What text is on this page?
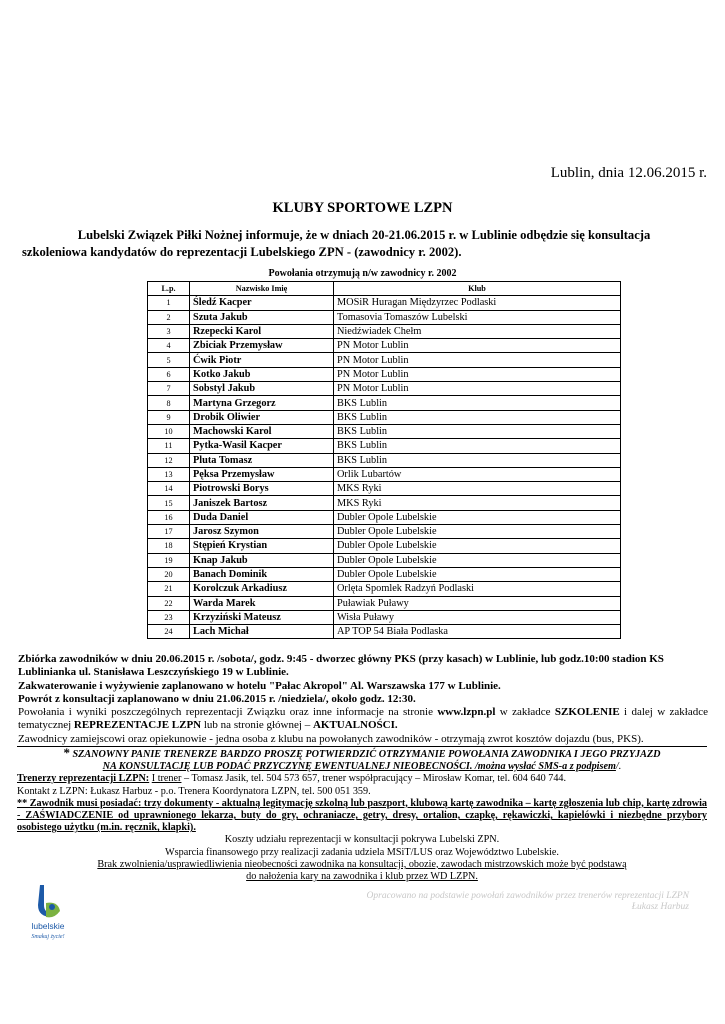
Lublin, dnia 12.06.2015 r.
KLUBY SPORTOWE LZPN
Lubelski Związek Piłki Nożnej informuje, że w dniach 20-21.06.2015 r. w Lublinie odbędzie się konsultacja
szkoleniowa kandydatów do reprezentacji Lubelskiego ZPN - (zawodnicy r. 2002).
Powołania otrzymują n/w zawodnicy r. 2002
L.p.	Nazwisko Imię	Klub
1	Śledź Kacper	MOSiR Huragan Międzyrzec Podlaski
2	Szuta Jakub	Tomasovia Tomaszów Lubelski
3	Rzepecki Karol	Niedźwiadek Chełm
4	Zbiciak Przemysław	PN Motor Lublin
5	Ćwik Piotr	PN Motor Lublin
6	Kotko Jakub	PN Motor Lublin
7	Sobstyl Jakub	PN Motor Lublin
8	Martyna Grzegorz	BKS Lublin
9	Drobik Oliwier	BKS Lublin
10	Machowski Karol	BKS Lublin
11	Pytka-Wasil Kacper	BKS Lublin
12	Pluta Tomasz	BKS Lublin
13	Pęksa Przemysław	Orlik Lubartów
14	Piotrowski Borys	MKS Ryki
15	Janiszek Bartosz	MKS Ryki
16	Duda Daniel	Dubler Opole Lubelskie
17	Jarosz Szymon	Dubler Opole Lubelskie
18	Stępień Krystian	Dubler Opole Lubelskie
19	Knap Jakub	Dubler Opole Lubelskie
20	Banach Dominik	Dubler Opole Lubelskie
21	Korolczuk Arkadiusz	Orlęta Spomlek Radzyń Podlaski
22	Warda Marek	Puławiak Puławy
23	Krzyziński Mateusz	Wisła Puławy
24	Lach Michał	AP TOP 54 Biała Podlaska

Zbiórka zawodników w dniu 20.06.2015 r. /sobota/, godz. 9:45 - dworzec główny PKS (przy kasach) w Lublinie, lub godz.10:00 stadion KS Lublinianka ul. Stanisława Leszczyńskiego 19 w Lublinie.

Zakwaterowanie i wyżywienie zaplanowano w hotelu "Pałac Akropol" Al. Warszawska 177 w Lublinie.

Powrót z konsultacji zaplanowano w dniu 21.06.2015 r. /niedziela/, około godz. 12:30.

Powołania i wyniki poszczególnych reprezentacji Związku oraz inne informacje na stronie www.lzpn.pl w zakładce SZKOLENIE i dalej w zakładce tematycznej REPREZENTACJE LZPN lub na stronie głównej – AKTUALNOŚCI.

Zawodnicy zamiejscowi oraz opiekunowie - jedna osoba z klubu na powołanych zawodników - otrzymają zwrot kosztów dojazdu (bus, PKS).

* SZANOWNY PANIE TRENERZE BARDZO PROSZĘ POTWIERDZIĆ OTRZYMANIE POWOŁANIA ZAWODNIKA I JEGO PRZYJAZD

NA KONSULTACJĘ LUB PODAĆ PRZYCZYNĘ EWENTUALNEJ NIEOBECNOŚCI. /można wysłać SMS-a z podpisem/.

Trenerzy reprezentacji LZPN: I trener – Tomasz Jasik, tel. 504 573 657, trener współpracujący – Mirosław Komar, tel. 604 640 744.

Kontakt z LZPN: Łukasz Harbuz - p.o. Trenera Koordynatora LZPN, tel. 500 051 359.

** Zawodnik musi posiadać: trzy dokumenty - aktualną legitymację szkolną lub paszport, klubową kartę zawodnika – kartę zgłoszenia lub chip, kartę zdrowia - ZAŚWIADCZENIE od uprawnionego lekarza, buty do gry, ochraniacze, getry, dresy, ortalion, czapkę, rękawiczki, kapielówki i niezbędne przybory osobistego użytku (m.in. ręcznik, klapki).

Koszty udziału reprezentacji w konsultacji pokrywa Lubelski ZPN.

Wsparcia finansowego przy realizacji zadania udziela MSiT/LUS oraz Województwo Lubelskie.

Brak zwolnienia/usprawiedliwienia nieobecności zawodnika na konsultacji, obozie, zawodach mistrzowskich może być podstawą

do nałożenia kary na zawodnika i klub przez WD LZPN.

Opracowano na podstawie powołań zawodników przez trenerów reprezentacji LZPN
Łukasz Harbuz
lubelskie
Smakuj życie!
